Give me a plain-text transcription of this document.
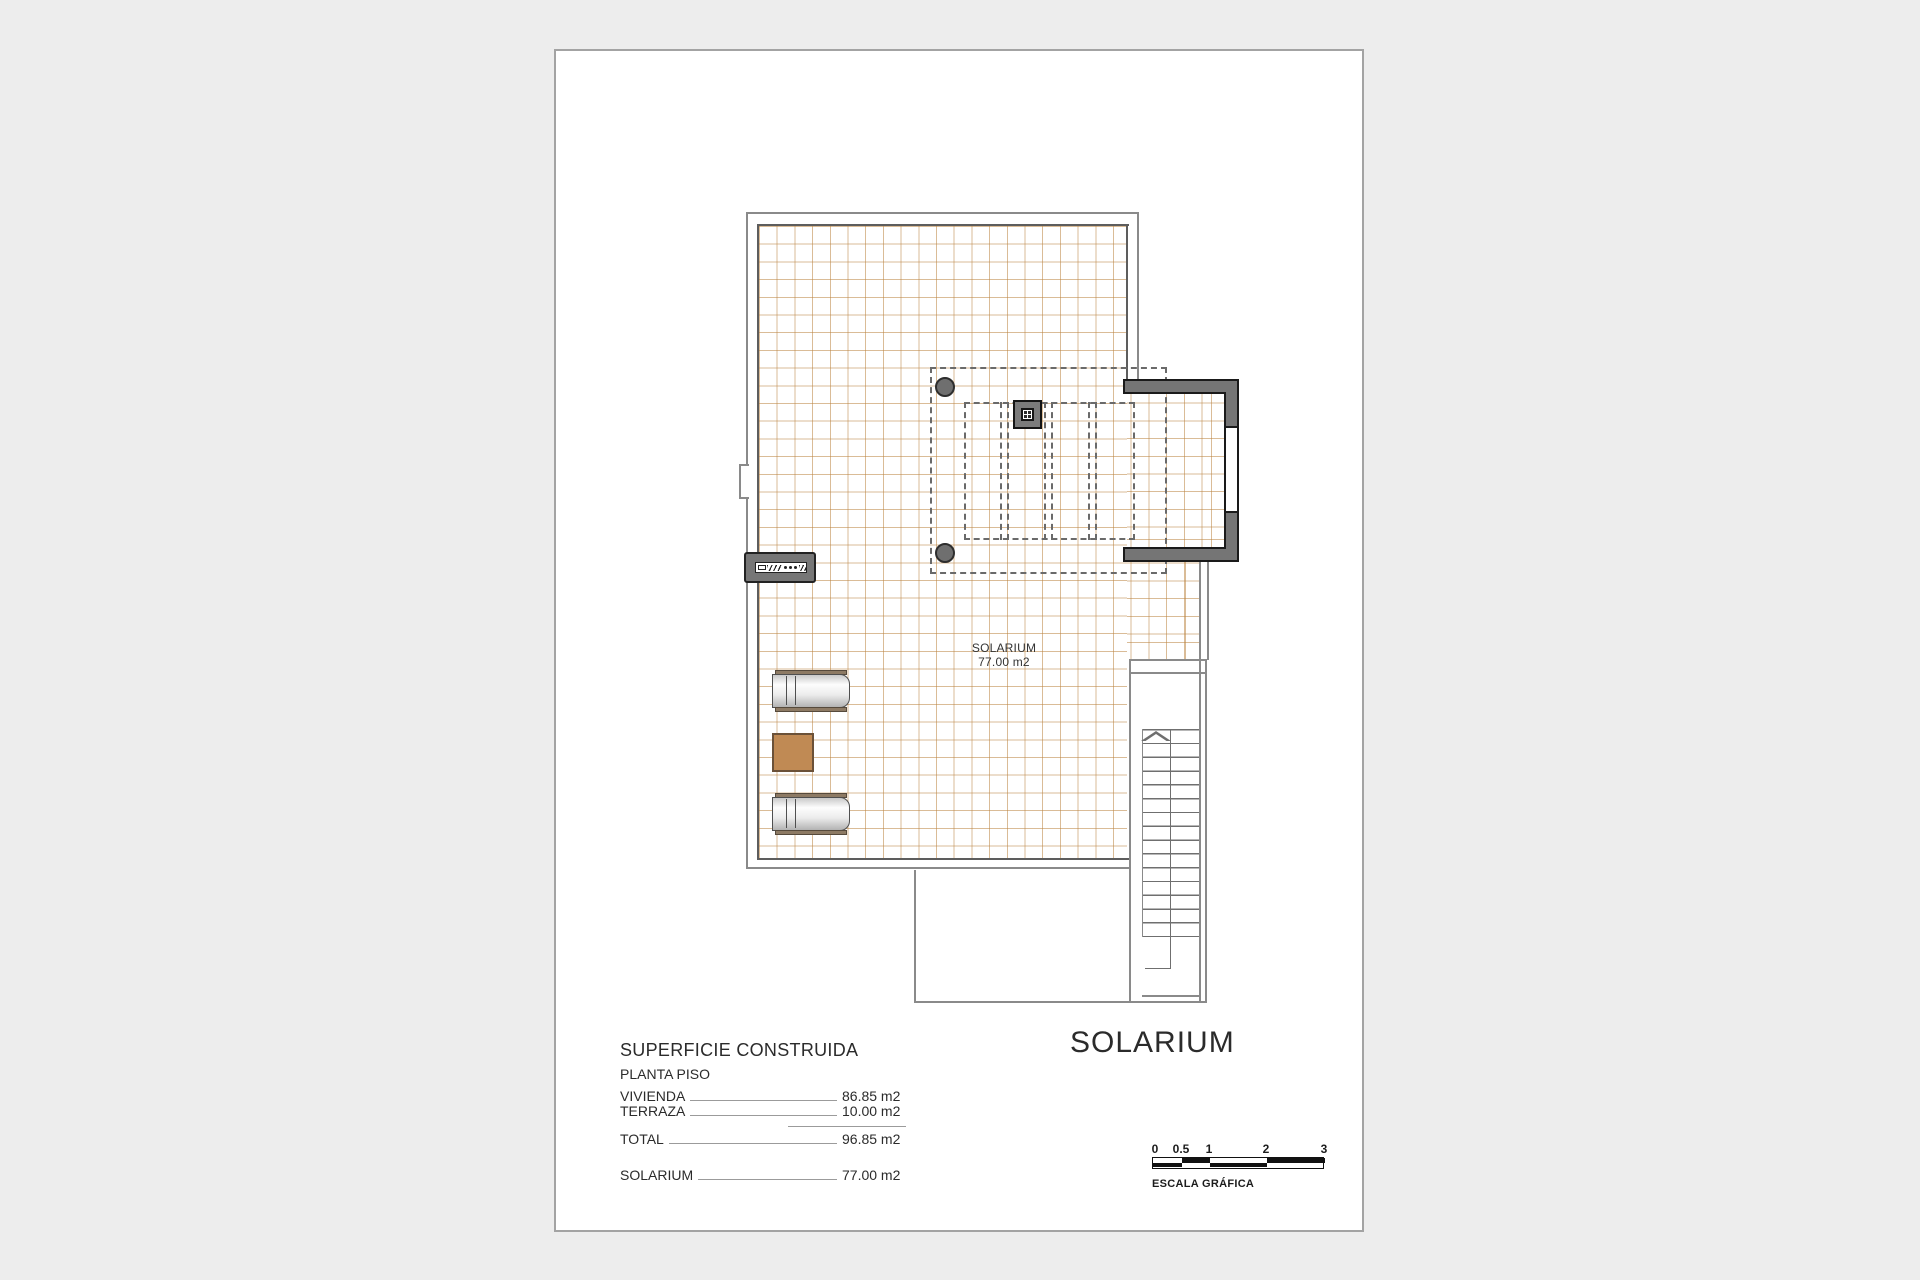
SOLARIUM
77.00 m2
SUPERFICIE CONSTRUIDA
PLANTA PISO
VIVIENDA	86.85 m2
TERRAZA	10.00 m2
TOTAL	96.85 m2
SOLARIUM	77.00 m2
SOLARIUM
0 0.5 1	2	3
ESCALA GRÁFICA
